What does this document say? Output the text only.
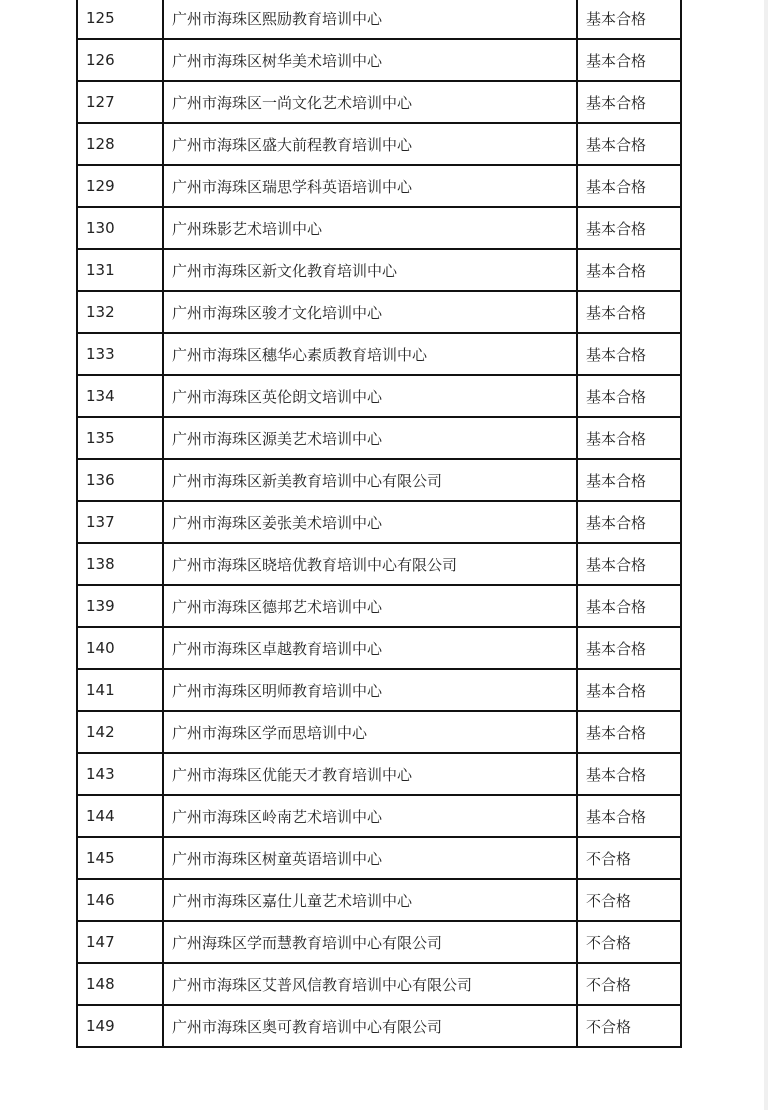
125	广州市海珠区熙励教育培训中心	基本合格
126	广州市海珠区树华美术培训中心	基本合格
127	广州市海珠区一尚文化艺术培训中心	基本合格
128	广州市海珠区盛大前程教育培训中心	基本合格
129	广州市海珠区瑞思学科英语培训中心	基本合格
130	广州珠影艺术培训中心	基本合格
131	广州市海珠区新文化教育培训中心	基本合格
132	广州市海珠区骏才文化培训中心	基本合格
133	广州市海珠区穗华心素质教育培训中心	基本合格
134	广州市海珠区英伦朗文培训中心	基本合格
135	广州市海珠区源美艺术培训中心	基本合格
136	广州市海珠区新美教育培训中心有限公司	基本合格
137	广州市海珠区姜张美术培训中心	基本合格
138	广州市海珠区晓培优教育培训中心有限公司	基本合格
139	广州市海珠区德邦艺术培训中心	基本合格
140	广州市海珠区卓越教育培训中心	基本合格
141	广州市海珠区明师教育培训中心	基本合格
142	广州市海珠区学而思培训中心	基本合格
143	广州市海珠区优能天才教育培训中心	基本合格
144	广州市海珠区岭南艺术培训中心	基本合格
145	广州市海珠区树童英语培训中心	不合格
146	广州市海珠区嘉仕儿童艺术培训中心	不合格
147	广州海珠区学而慧教育培训中心有限公司	不合格
148	广州市海珠区艾普风信教育培训中心有限公司	不合格
149	广州市海珠区奥可教育培训中心有限公司	不合格
